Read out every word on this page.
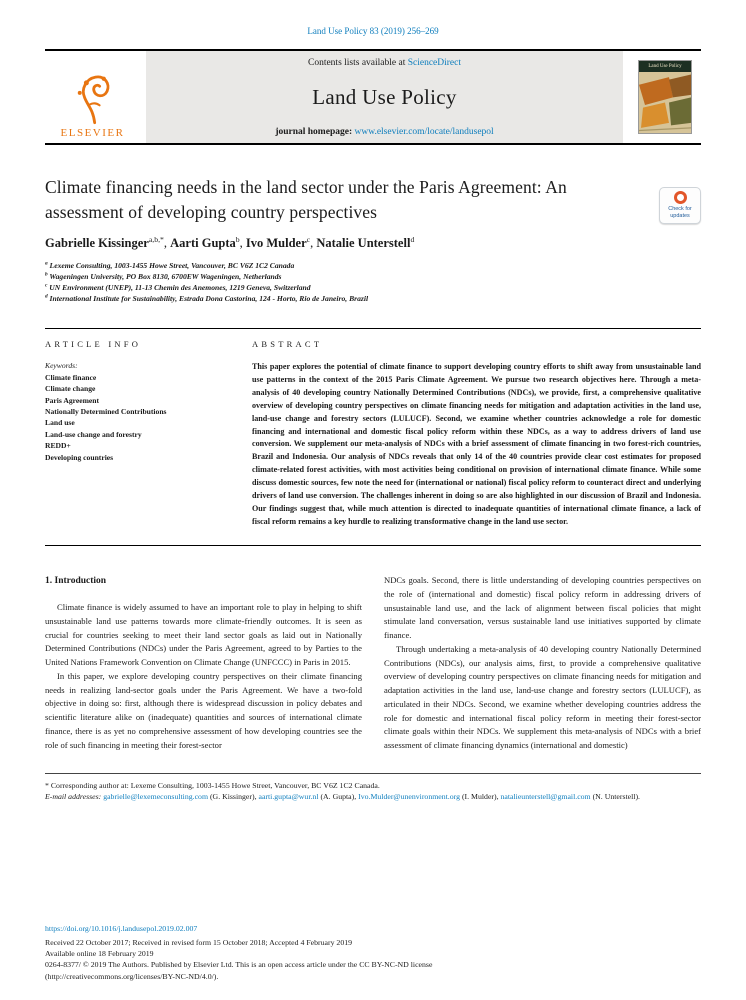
Land Use Policy 83 (2019) 256–269
ELSEVIER
Contents lists available at ScienceDirect
Land Use Policy
journal homepage: www.elsevier.com/locate/landusepol
Land Use Policy
Climate financing needs in the land sector under the Paris Agreement: An assessment of developing country perspectives	Check for updates
Gabrielle Kissinger$^{a,b,*}$, Aarti Gupta$^b$, Ivo Mulder$^c$, Natalie Unterstell$^d$
$^a$ Lexeme Consulting, 1003-1455 Howe Street, Vancouver, BC V6Z 1C2 Canada
$^b$ Wageningen University, PO Box 8130, 6700EW Wageningen, Netherlands
$^c$ UN Environment (UNEP), 11-13 Chemin des Anemones, 1219 Geneva, Switzerland
$^d$ International Institute for Sustainability, Estrada Dona Castorina, 124 - Horto, Rio de Janeiro, Brazil
ARTICLE INFO
Keywords:
Climate finance
Climate change
Paris Agreement
Nationally Determined Contributions
Land use
Land-use change and forestry
REDD+
Developing countries
ABSTRACT
This paper explores the potential of climate finance to support developing country efforts to shift away from unsustainable land use patterns in the context of the 2015 Paris Climate Agreement. We pursue two research objectives here. Through a meta-analysis of 40 developing country Nationally Determined Contributions (NDCs), we provide, first, a comprehensive qualitative overview of developing country perspectives on climate financing needs for mitigation and adaptation activities in the land use, land-use change and forestry sectors (LULUCF). Second, we examine whether countries acknowledge a role for domestic financing and international and domestic fiscal policy reform within these NDCs, as a way to address drivers of land use conversion. We supplement our meta-analysis of NDCs with a brief assessment of climate financing in two forest-rich countries, Brazil and Indonesia. Our analysis of NDCs reveals that only 14 of the 40 countries provide clear cost estimates for proposed climate-related forest activities, with most activities being conditional on provision of international climate finance. While some discuss domestic sources, few note the need for (international or national) fiscal policy reform to counteract direct and underlying drivers of land use conversion. The challenges inherent in doing so are also highlighted in our discussion of Brazil and Indonesia. Our findings suggest that, while much attention is directed to inadequate quantities of international climate finance, a lack of fiscal reform remains a key hurdle to realizing transformative change in the land use sector.
1. Introduction

Climate finance is widely assumed to have an important role to play in helping to shift unsustainable land use patterns towards more climate-friendly outcomes. It is seen as crucial for countries seeking to meet their land sector goals as laid out in Nationally Determined Contributions (NDCs) under the Paris Agreement, agreed to by Parties to the United Nations Framework Convention on Climate Change (UNFCCC) in Paris in 2015.

In this paper, we explore developing country perspectives on their climate financing needs in realizing land-sector goals under the Paris Agreement. We have a two-fold objective in doing so: first, although there is widespread discussion in policy debates and scientific literature alike on (inadequate) quantities and sources of international climate finance, there is as yet no comprehensive assessment of how developing countries see the role of such financing in meeting their forest-sector

NDCs goals. Second, there is little understanding of developing countries perspectives on the role of (international and domestic) fiscal policy reform in addressing drivers of unsustainable land use, and the lack of alignment between fiscal policies that might stimulate land conversation, versus sustainable land use initiatives supported by climate finance.

Through undertaking a meta-analysis of 40 developing country Nationally Determined Contributions (NDCs), our analysis aims, first, to provide a comprehensive qualitative overview of developing country perspectives on climate financing needs for mitigation and adaptation activities in the land use, land-use change and forestry sectors (LULUCF), as articulated in their NDCs. Second, we examine whether developing countries address the role for domestic and international fiscal policy reform in meeting their forest-sector climate goals within their NDCs. We supplement this meta-analysis of NDCs with a brief assessment of climate financing dynamics (international and domestic)

* Corresponding author at: Lexeme Consulting, 1003-1455 Howe Street, Vancouver, BC V6Z 1C2 Canada.
E-mail addresses: gabrielle@lexemeconsulting.com (G. Kissinger), aarti.gupta@wur.nl (A. Gupta), Ivo.Mulder@unenvironment.org (I. Mulder), natalieunterstell@gmail.com (N. Unterstell).
https://doi.org/10.1016/j.landusepol.2019.02.007
Received 22 October 2017; Received in revised form 15 October 2018; Accepted 4 February 2019
Available online 18 February 2019
0264-8377/ © 2019 The Authors. Published by Elsevier Ltd. This is an open access article under the CC BY-NC-ND license
(http://creativecommons.org/licenses/BY-NC-ND/4.0/).
